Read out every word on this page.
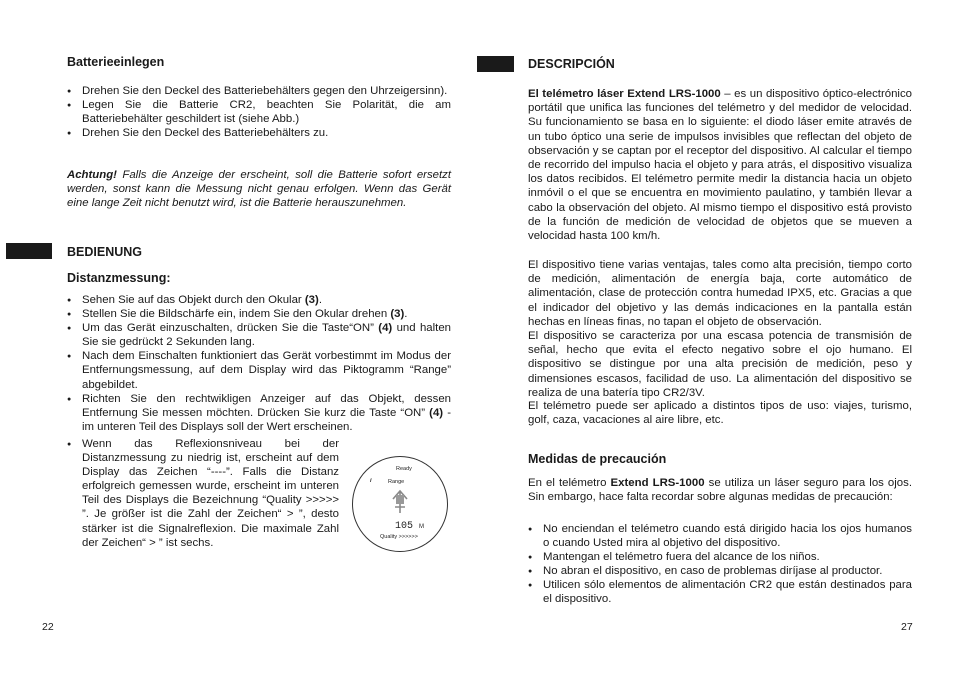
Batterieeinlegen
● Drehen Sie den Deckel des Batteriebehälters gegen den Uhrzeigersinn).
● Legen Sie die Batterie CR2, beachten Sie Polarität, die am Batteriebehälter geschildert ist (siehe Abb.)
● Drehen Sie den Deckel des Batteriebehälters zu.

Achtung! Falls die Anzeige der erscheint, soll die Batterie sofort ersetzt werden, sonst kann die Messung nicht genau erfolgen. Wenn das Gerät eine lange Zeit nicht benutzt wird, ist die Batterie herauszunehmen.

BEDIENUNG
Distanzmessung:
● Sehen Sie auf das Objekt durch den Okular (3).
● Stellen Sie die Bildschärfe ein, indem Sie den Okular drehen (3).
● Um das Gerät einzuschalten, drücken Sie die Taste“ON” (4) und halten Sie sie gedrückt 2 Sekunden lang.
● Nach dem Einschalten funktioniert das Gerät vorbestimmt im Modus der Entfernungsmessung, auf dem Display wird das Piktogramm “Range” abgebildet.
● Richten Sie den rechtwikligen Anzeiger auf das Objekt, dessen Entfernung Sie messen möchten. Drücken Sie kurz die Taste “ON” (4) - im unteren Teil des Displays soll der Wert erscheinen.
● Wenn das Reflexionsniveau bei der Distanzmessung zu niedrig ist, erscheint auf dem Display das Zeichen “----”. Falls die Distanz erfolgreich gemessen wurde, erscheint im unteren Teil des Displays die Bezeichnung “Quality >>>>> ”. Je größer ist die Zahl der Zeichen“ > ”, desto stärker ist die Signalreflexion. Die maximale Zahl der Zeichen“ > ” ist sechs.
Ready
i	Range
105 M
Quality >>>>>>
22
DESCRIPCIÓN

El telémetro láser Extend LRS-1000 – es un dispositivo óptico-electrónico portátil que unifica las funciones del telémetro y del medidor de velocidad. Su funcionamiento se basa en lo siguiente: el diodo láser emite através de un tubo óptico una serie de impulsos invisibles que reflectan del objeto de observación y se captan por el receptor del dispositivo. Al calcular el tiempo de recorrido del impulso hacia el objeto y para atrás, el dispositivo visualiza los datos recibidos. El telémetro permite medir la distancia hacia un objeto inmóvil o el que se encuentra en movimiento paulatino, y también llevar a cabo la observación del objeto. Al mismo tiempo el dispositivo está provisto de la función de medición de velocidad de objetos que se mueven a velocidad hasta 100 km/h.

El dispositivo tiene varias ventajas, tales como alta precisión, tiempo corto de medición, alimentación de energía baja, corte automático de alimentación, clase de protección contra humedad IPX5, etc. Gracias a que el indicador del objetivo y las demás indicaciones en la pantalla están hechas en líneas finas, no tapan el objeto de observación.

El dispositivo se caracteriza por una escasa potencia de transmisión de señal, hecho que evita el efecto negativo sobre el ojo humano. El dispositivo se distingue por una alta precisión de medición, peso y dimensiones escasos, facilidad de uso. La alimentación del dispositivo se realiza de una batería tipo CR2/3V.

El telémetro puede ser aplicado a distintos tipos de uso: viajes, turismo, golf, caza, vacaciones al aire libre, etc.

Medidas de precaución

En el telémetro Extend LRS-1000 se utiliza un láser seguro para los ojos. Sin embargo, hace falta recordar sobre algunas medidas de precaución:

● No enciendan el telémetro cuando está dirigido hacia los ojos humanos o cuando Usted mira al objetivo del dispositivo.
● Mantengan el telémetro fuera del alcance de los niños.
● No abran el dispositivo, en caso de problemas diríjase al productor.
● Utilicen sólo elementos de alimentación CR2 que están destinados para el dispositivo.
27
